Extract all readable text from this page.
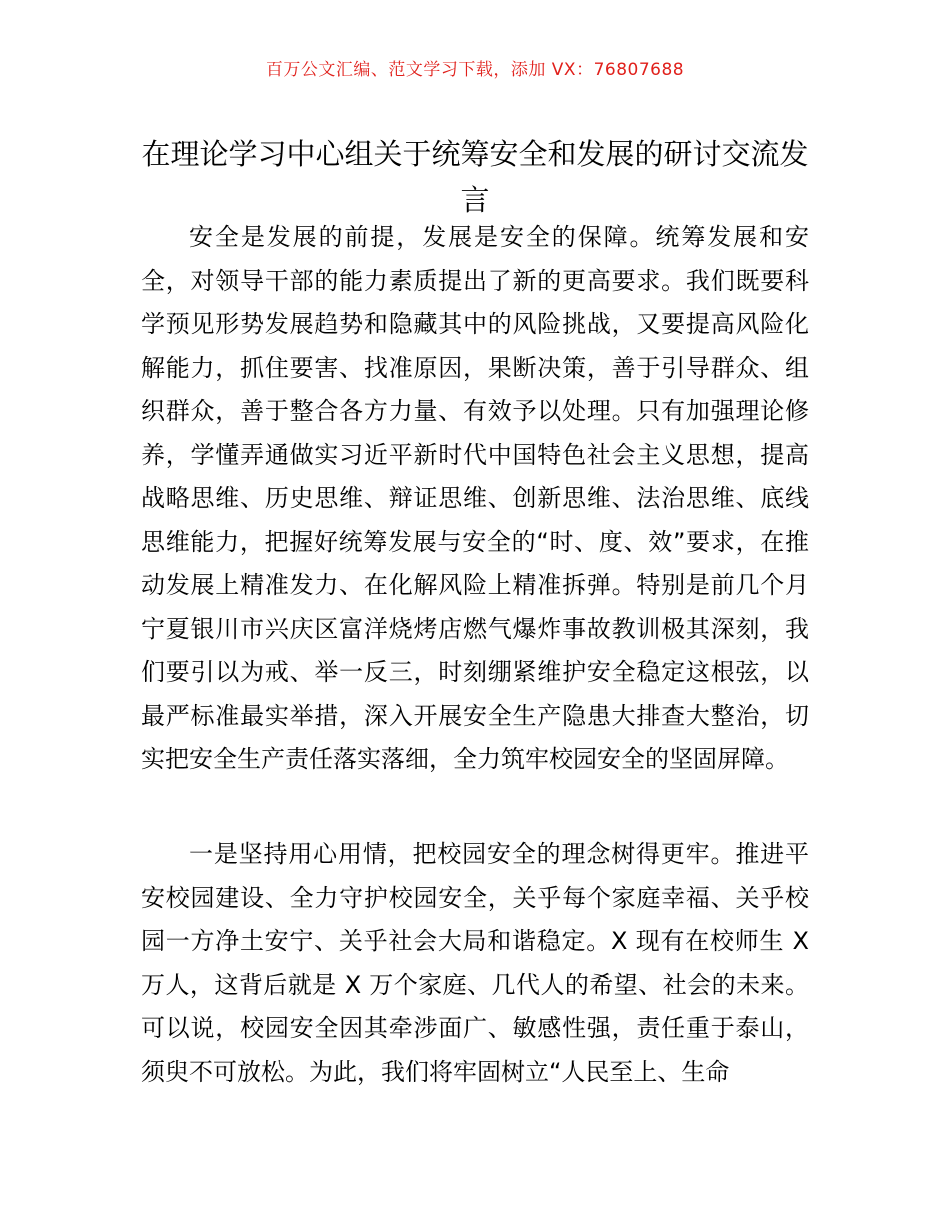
百万公文汇编、范文学习下载，添加 VX：76807688
在理论学习中心组关于统筹安全和发展的研讨交流发言

安全是发展的前提，发展是安全的保障。统筹发展和安全，对领导干部的能力素质提出了新的更高要求。我们既要科学预见形势发展趋势和隐藏其中的风险挑战，又要提高风险化解能力，抓住要害、找准原因，果断决策，善于引导群众、组织群众，善于整合各方力量、有效予以处理。只有加强理论修养，学懂弄通做实习近平新时代中国特色社会主义思想，提高战略思维、历史思维、辩证思维、创新思维、法治思维、底线思维能力，把握好统筹发展与安全的“时、度、效”要求，在推动发展上精准发力、在化解风险上精准拆弹。特别是前几个月宁夏银川市兴庆区富洋烧烤店燃气爆炸事故教训极其深刻，我们要引以为戒、举一反三，时刻绷紧维护安全稳定这根弦，以最严标准最实举措，深入开展安全生产隐患大排查大整治，切实把安全生产责任落实落细，全力筑牢校园安全的坚固屏障。

一是坚持用心用情，把校园安全的理念树得更牢。推进平安校园建设、全力守护校园安全，关乎每个家庭幸福、关乎校园一方净土安宁、关乎社会大局和谐稳定。X 现有在校师生 X 万人，这背后就是 X 万个家庭、几代人的希望、社会的未来。可以说，校园安全因其牵涉面广、敏感性强，责任重于泰山，须臾不可放松。为此，我们将牢固树立“人民至上、生命
